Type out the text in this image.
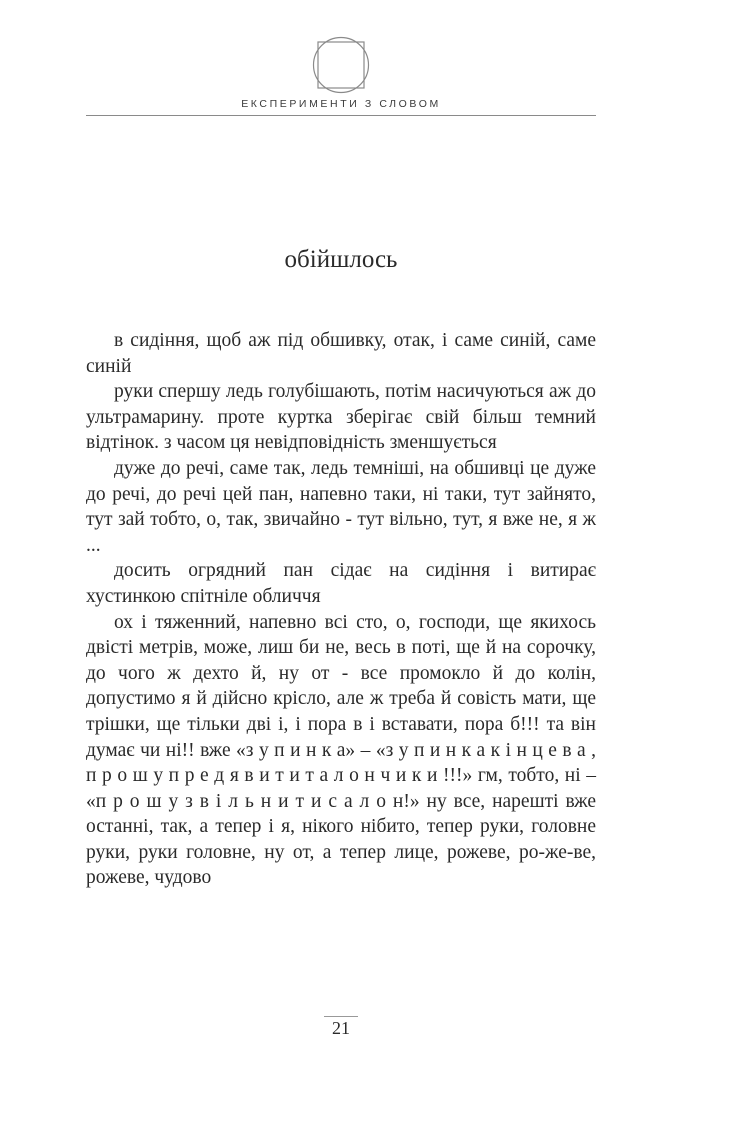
ЕКСПЕРИМЕНТИ З СЛОВОМ
обійшлось

в сидіння, щоб аж під обшивку, отак, і саме синій, саме синій

руки спершу ледь голубішають, потім насичуються аж до ультрамарину. проте куртка зберігає свій більш темний відтінок. з часом ця невідповідність зменшується

дуже до речі, саме так, ледь темніші, на обшивці це дуже до речі, до речі цей пан, напевно таки, ні таки, тут зайнято, тут зай тобто, о, так, звичайно - тут вільно, тут, я вже не, я ж ...

досить огрядний пан сідає на сидіння і витирає хустинкою спітніле обличчя

ох і тяженний, напевно всі сто, о, господи, ще якихось двісті метрів, може, лиш би не, весь в поті, ще й на сорочку, до чого ж дехто й, ну от - все промокло й до колін, допустимо я й дійсно крісло, але ж треба й совість мати, ще трішки, ще тільки дві і, і пора в і вставати, пора б!!! та він думає чи ні!! вже «з у п и н к а» – «з у п и н к а к і н ц е в а , п р о ш у п р е д я в и т и т а л о н ч и к и !!!» гм, тобто, ні – «п р о ш у з в і л ь н и т и с а л о н!» ну все, нарешті вже останні, так, а тепер і я, нікого нібито, тепер руки, головне руки, руки головне, ну от, а тепер лице, рожеве, ро-же-ве, рожеве, чудово

21
